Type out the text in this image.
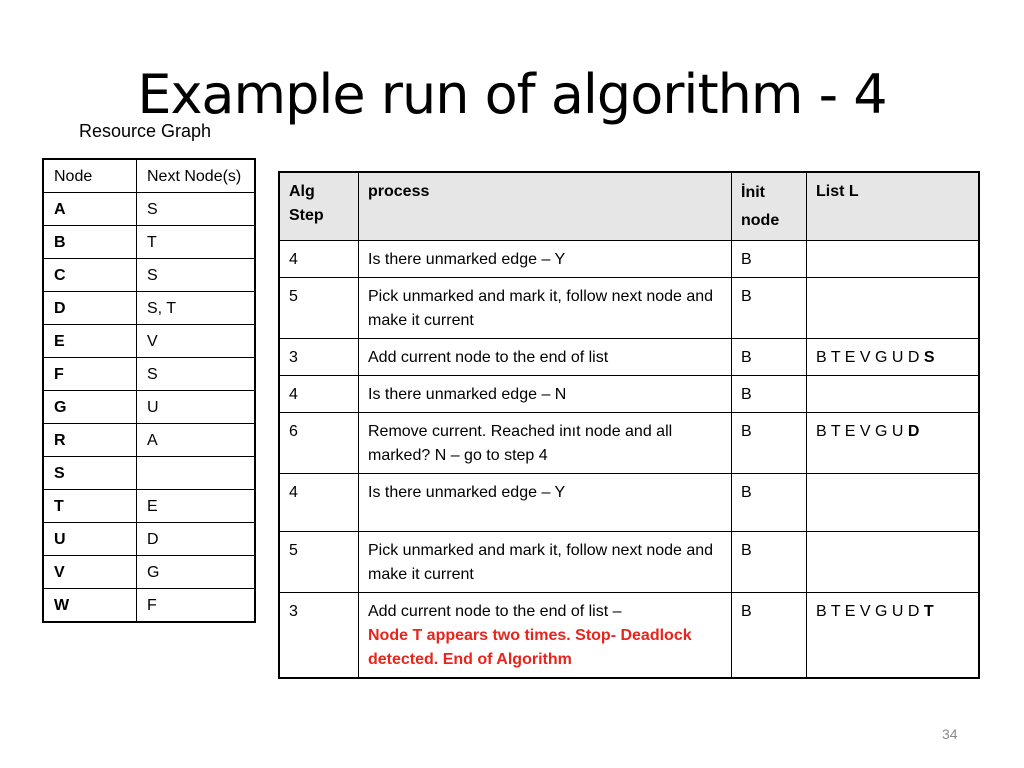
Example run of algorithm - 4
Resource Graph
Node	Next Node(s)
A	S
B	T
C	S
D	S, T
E	V
F	S
G	U
R	A
S	
T	E
U	D
V	G
W	F
Alg Step	process	İnit node	List L
4	Is there unmarked edge – Y	B	
5	Pick unmarked and mark it, follow next node and make it current	B	
3	Add current node to the end of list	B	B T E V G U D S
4	Is there unmarked edge – N	B	
6	Remove current. Reached inıt node and all marked? N – go to step 4	B	B T E V G U D
4	Is there unmarked edge – Y	B	
5	Pick unmarked and mark it, follow next node and make it current	B	
3	Add current node to the end of list –
Node T appears two times. Stop- Deadlock detected. End of Algorithm	B	B T E V G U D T
34
